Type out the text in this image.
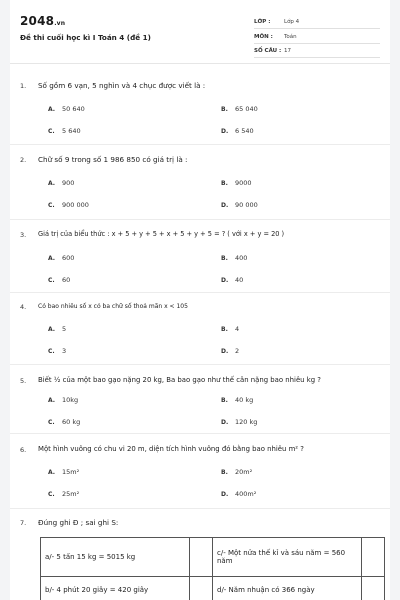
2048.vn
Đề thi cuối học kì I Toán 4 (đề 1)
LỚP : Lớp 4
MÔN : Toán
SỐ CÂU : 17
1. Số gồm 6 vạn, 5 nghìn và 4 chục được viết là :
A. 50 640	B. 65 040
C. 5 640	D. 6 540
2. Chữ số 9 trong số 1 986 850 có giá trị là :
A. 900	B. 9000
C. 900 000	D. 90 000
3. Giá trị của biểu thức : x + 5 + y + 5 + x + 5 + y + 5 = ? ( với x + y = 20 )
A. 600	B. 400
C. 60	D. 40
4. Có bao nhiêu số x có ba chữ số thoả mãn x < 105
A. 5	B. 4
C. 3	D. 2
5. Biết ½ của một bao gạo nặng 20 kg, Ba bao gạo như thế cân nặng bao nhiêu kg ?
A. 10kg	B. 40 kg
C. 60 kg	D. 120 kg
6. Một hình vuông có chu vi 20 m, diện tích hình vuông đó bằng bao nhiêu m² ?
A. 15m²	B. 20m²
C. 25m²	D. 400m²
7. Đúng ghi Đ ; sai ghi S:
a/- 5 tấn 15 kg = 5015 kg		c/- Một nửa thế kỉ và sáu năm = 560 năm	
b/- 4 phút 20 giây = 420 giây		d/- Năm nhuận có 366 ngày	
